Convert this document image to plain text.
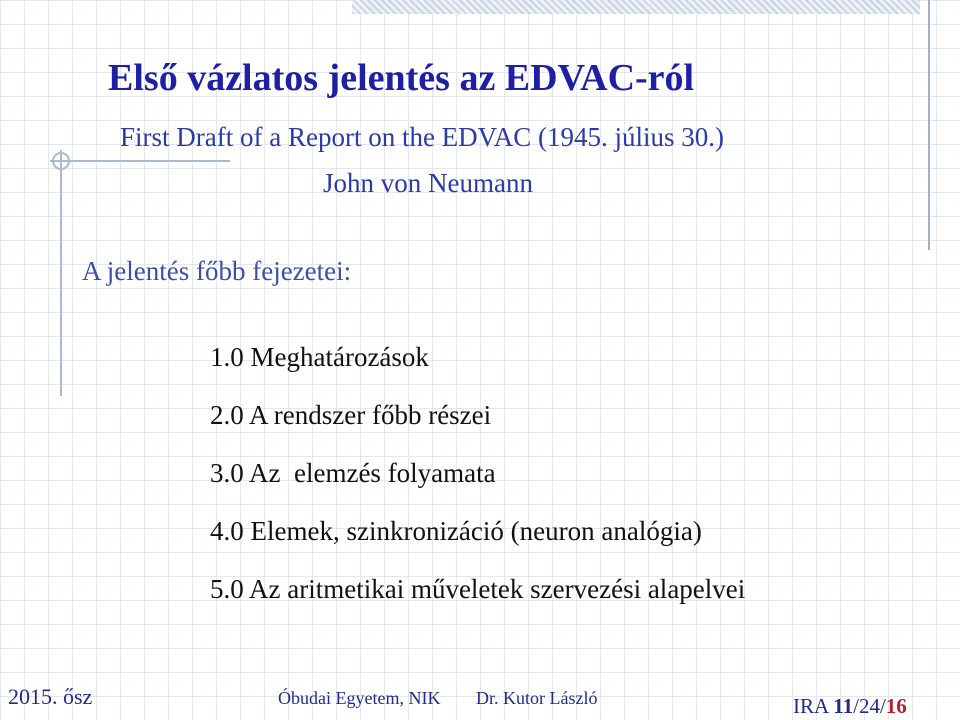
Első vázlatos jelentés az EDVAC-ról

First Draft of a Report on the EDVAC (1945. július 30.)

John von Neumann

A jelentés főbb fejezetei:

1.0 Meghatározások
2.0 A rendszer főbb részei
3.0 Az  elemzés folyamata
4.0 Elemek, szinkronizáció (neuron analógia)
5.0 Az aritmetikai műveletek szervezési alapelvei

2015. ősz	Óbudai Egyetem, NIK Dr. Kutor László	IRA 11/24/16
